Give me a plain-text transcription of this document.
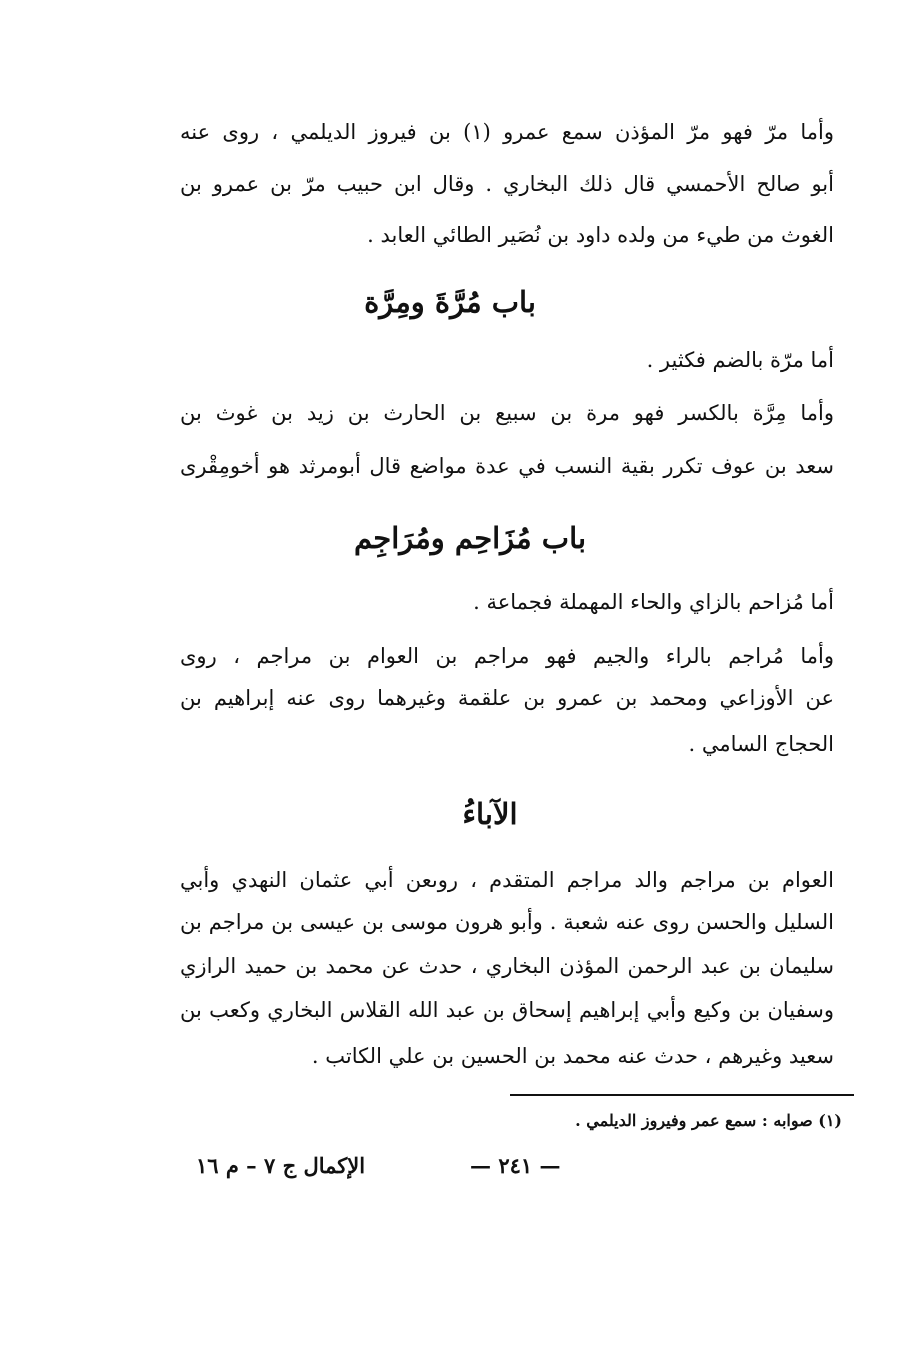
وأما مرّ فهو مرّ المؤذن سمع عمرو (١) بن فيروز الديلمي ، روى عنه
أبو صالح الأحمسي قال ذلك البخاري . وقال ابن حبيب مرّ بن عمرو بن
الغوث من طيء من ولده داود بن نُصَير الطائي العابد .
باب مُرَّةَ ومِرَّة
أما مرّة بالضم فكثير .
وأما مِرَّة بالكسر فهو مرة بن سبيع بن الحارث بن زيد بن غوث بن
سعد بن عوف تكرر بقية النسب في عدة مواضع قال أبومرثد هو أخومِقْرى
باب مُزَاحِم ومُرَاجِم
أما مُزاحم بالزاي والحاء المهملة فجماعة .
وأما مُراجم بالراء والجيم فهو مراجم بن العوام بن مراجم ، روى
عن الأوزاعي ومحمد بن عمرو بن علقمة وغيرهما روى عنه إبراهيم بن
الحجاج السامي .
الآباءُ
العوام بن مراجم والد مراجم المتقدم ، روىعن أبي عثمان النهدي وأبي
السليل والحسن روى عنه شعبة . وأبو هرون موسى بن عيسى بن مراجم بن
سليمان بن عبد الرحمن المؤذن البخاري ، حدث عن محمد بن حميد الرازي
وسفيان بن وكيع وأبي إبراهيم إسحاق بن عبد الله القلاس البخاري وكعب بن
سعيد وغيرهم ، حدث عنه محمد بن الحسين بن علي الكاتب .
(١) صوابه : سمع عمر وفيروز الديلمي .
— ٢٤١ —
الإكمال ج ٧ – م ١٦
